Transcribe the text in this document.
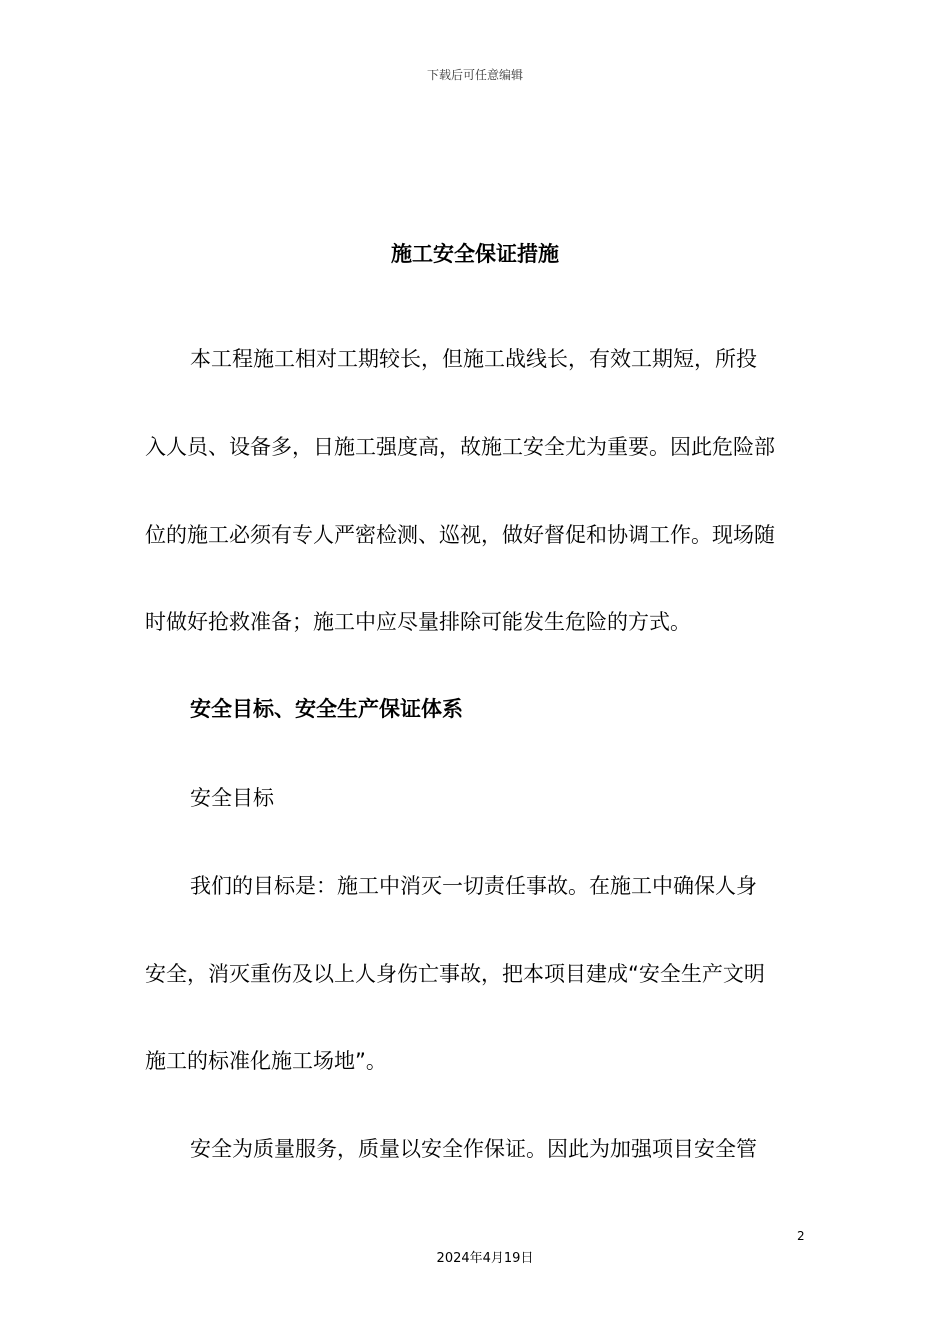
下载后可任意编辑
施工安全保证措施

本工程施工相对工期较长，但施工战线长，有效工期短，所投

入人员、设备多，日施工强度高，故施工安全尤为重要。因此危险部

位的施工必须有专人严密检测、巡视，做好督促和协调工作。现场随

时做好抢救准备；施工中应尽量排除可能发生危险的方式。

安全目标、安全生产保证体系

安全目标

我们的目标是：施工中消灭一切责任事故。在施工中确保人身

安全，消灭重伤及以上人身伤亡事故，把本项目建成“安全生产文明

施工的标准化施工场地”。

安全为质量服务，质量以安全作保证。因此为加强项目安全管

2
2024年4月19日
